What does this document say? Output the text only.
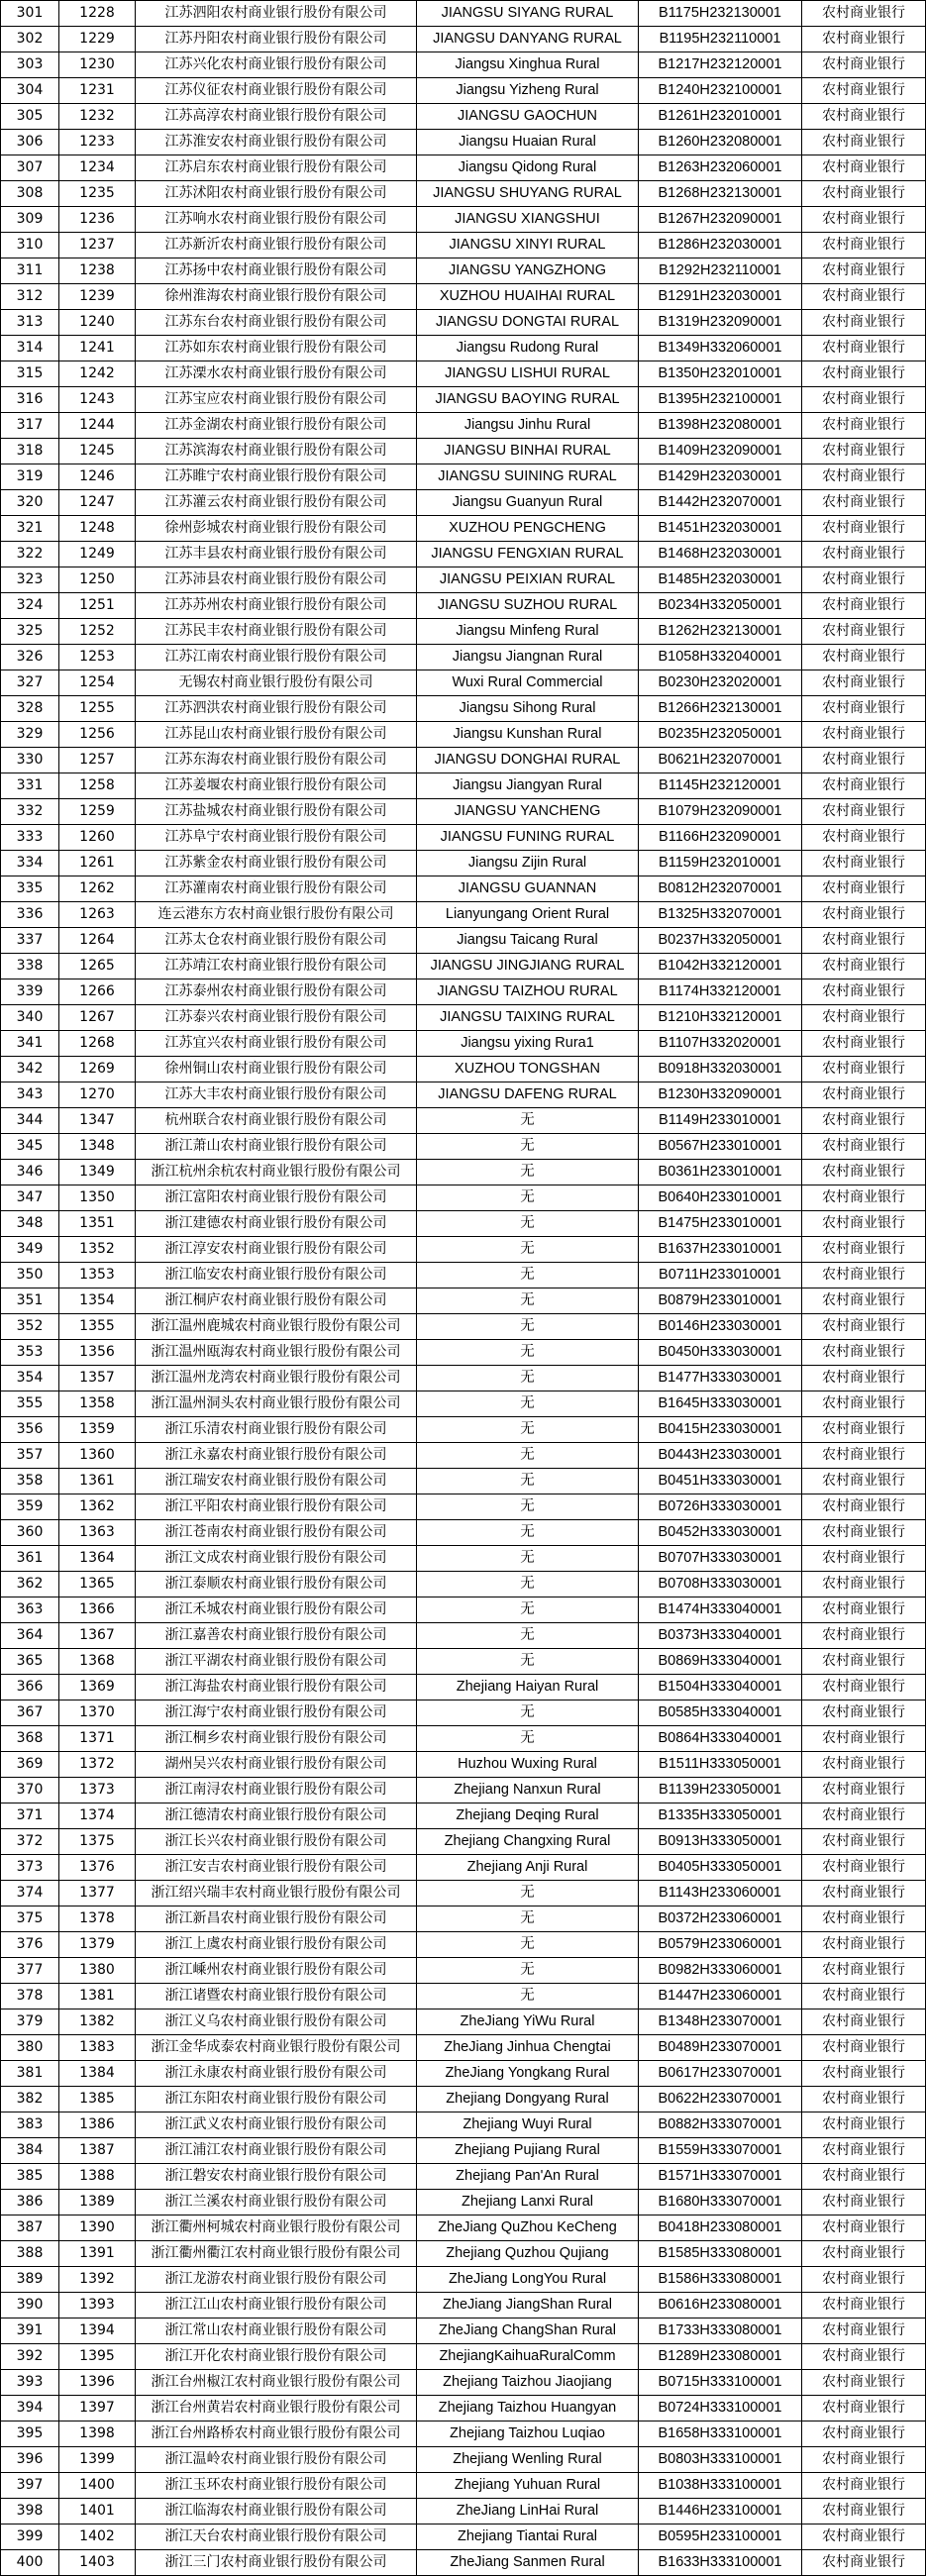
301	1228	江苏泗阳农村商业银行股份有限公司	JIANGSU SIYANG RURAL	B1175H232130001	农村商业银行
302	1229	江苏丹阳农村商业银行股份有限公司	JIANGSU DANYANG RURAL	B1195H232110001	农村商业银行
303	1230	江苏兴化农村商业银行股份有限公司	Jiangsu Xinghua Rural	B1217H232120001	农村商业银行
304	1231	江苏仪征农村商业银行股份有限公司	Jiangsu Yizheng Rural	B1240H232100001	农村商业银行
305	1232	江苏高淳农村商业银行股份有限公司	JIANGSU GAOCHUN	B1261H232010001	农村商业银行
306	1233	江苏淮安农村商业银行股份有限公司	Jiangsu Huaian Rural	B1260H232080001	农村商业银行
307	1234	江苏启东农村商业银行股份有限公司	Jiangsu Qidong Rural	B1263H232060001	农村商业银行
308	1235	江苏沭阳农村商业银行股份有限公司	JIANGSU SHUYANG RURAL	B1268H232130001	农村商业银行
309	1236	江苏响水农村商业银行股份有限公司	JIANGSU XIANGSHUI	B1267H232090001	农村商业银行
310	1237	江苏新沂农村商业银行股份有限公司	JIANGSU XINYI RURAL	B1286H232030001	农村商业银行
311	1238	江苏扬中农村商业银行股份有限公司	JIANGSU YANGZHONG	B1292H232110001	农村商业银行
312	1239	徐州淮海农村商业银行股份有限公司	XUZHOU HUAIHAI RURAL	B1291H232030001	农村商业银行
313	1240	江苏东台农村商业银行股份有限公司	JIANGSU DONGTAI RURAL	B1319H232090001	农村商业银行
314	1241	江苏如东农村商业银行股份有限公司	Jiangsu Rudong Rural	B1349H332060001	农村商业银行
315	1242	江苏溧水农村商业银行股份有限公司	JIANGSU LISHUI RURAL	B1350H232010001	农村商业银行
316	1243	江苏宝应农村商业银行股份有限公司	JIANGSU BAOYING RURAL	B1395H232100001	农村商业银行
317	1244	江苏金湖农村商业银行股份有限公司	Jiangsu Jinhu Rural	B1398H232080001	农村商业银行
318	1245	江苏滨海农村商业银行股份有限公司	JIANGSU BINHAI RURAL	B1409H232090001	农村商业银行
319	1246	江苏睢宁农村商业银行股份有限公司	JIANGSU SUINING RURAL	B1429H232030001	农村商业银行
320	1247	江苏灌云农村商业银行股份有限公司	Jiangsu Guanyun Rural	B1442H232070001	农村商业银行
321	1248	徐州彭城农村商业银行股份有限公司	XUZHOU PENGCHENG	B1451H232030001	农村商业银行
322	1249	江苏丰县农村商业银行股份有限公司	JIANGSU FENGXIAN RURAL	B1468H232030001	农村商业银行
323	1250	江苏沛县农村商业银行股份有限公司	JIANGSU PEIXIAN RURAL	B1485H232030001	农村商业银行
324	1251	江苏苏州农村商业银行股份有限公司	JIANGSU SUZHOU RURAL	B0234H332050001	农村商业银行
325	1252	江苏民丰农村商业银行股份有限公司	Jiangsu Minfeng Rural	B1262H232130001	农村商业银行
326	1253	江苏江南农村商业银行股份有限公司	Jiangsu Jiangnan Rural	B1058H332040001	农村商业银行
327	1254	无锡农村商业银行股份有限公司	Wuxi Rural Commercial	B0230H232020001	农村商业银行
328	1255	江苏泗洪农村商业银行股份有限公司	Jiangsu Sihong Rural	B1266H232130001	农村商业银行
329	1256	江苏昆山农村商业银行股份有限公司	Jiangsu Kunshan Rural	B0235H232050001	农村商业银行
330	1257	江苏东海农村商业银行股份有限公司	JIANGSU DONGHAI RURAL	B0621H232070001	农村商业银行
331	1258	江苏姜堰农村商业银行股份有限公司	Jiangsu Jiangyan Rural	B1145H232120001	农村商业银行
332	1259	江苏盐城农村商业银行股份有限公司	JIANGSU YANCHENG	B1079H232090001	农村商业银行
333	1260	江苏阜宁农村商业银行股份有限公司	JIANGSU FUNING RURAL	B1166H232090001	农村商业银行
334	1261	江苏紫金农村商业银行股份有限公司	Jiangsu Zijin Rural	B1159H232010001	农村商业银行
335	1262	江苏灌南农村商业银行股份有限公司	JIANGSU GUANNAN	B0812H232070001	农村商业银行
336	1263	连云港东方农村商业银行股份有限公司	Lianyungang Orient Rural	B1325H332070001	农村商业银行
337	1264	江苏太仓农村商业银行股份有限公司	Jiangsu Taicang Rural	B0237H332050001	农村商业银行
338	1265	江苏靖江农村商业银行股份有限公司	JIANGSU JINGJIANG RURAL	B1042H332120001	农村商业银行
339	1266	江苏泰州农村商业银行股份有限公司	JIANGSU TAIZHOU RURAL	B1174H332120001	农村商业银行
340	1267	江苏泰兴农村商业银行股份有限公司	JIANGSU TAIXING RURAL	B1210H332120001	农村商业银行
341	1268	江苏宜兴农村商业银行股份有限公司	Jiangsu yixing Rura1	B1107H332020001	农村商业银行
342	1269	徐州铜山农村商业银行股份有限公司	XUZHOU TONGSHAN	B0918H332030001	农村商业银行
343	1270	江苏大丰农村商业银行股份有限公司	JIANGSU DAFENG RURAL	B1230H332090001	农村商业银行
344	1347	杭州联合农村商业银行股份有限公司	无	B1149H233010001	农村商业银行
345	1348	浙江萧山农村商业银行股份有限公司	无	B0567H233010001	农村商业银行
346	1349	浙江杭州余杭农村商业银行股份有限公司	无	B0361H233010001	农村商业银行
347	1350	浙江富阳农村商业银行股份有限公司	无	B0640H233010001	农村商业银行
348	1351	浙江建德农村商业银行股份有限公司	无	B1475H233010001	农村商业银行
349	1352	浙江淳安农村商业银行股份有限公司	无	B1637H233010001	农村商业银行
350	1353	浙江临安农村商业银行股份有限公司	无	B0711H233010001	农村商业银行
351	1354	浙江桐庐农村商业银行股份有限公司	无	B0879H233010001	农村商业银行
352	1355	浙江温州鹿城农村商业银行股份有限公司	无	B0146H233030001	农村商业银行
353	1356	浙江温州瓯海农村商业银行股份有限公司	无	B0450H333030001	农村商业银行
354	1357	浙江温州龙湾农村商业银行股份有限公司	无	B1477H333030001	农村商业银行
355	1358	浙江温州洞头农村商业银行股份有限公司	无	B1645H333030001	农村商业银行
356	1359	浙江乐清农村商业银行股份有限公司	无	B0415H233030001	农村商业银行
357	1360	浙江永嘉农村商业银行股份有限公司	无	B0443H233030001	农村商业银行
358	1361	浙江瑞安农村商业银行股份有限公司	无	B0451H333030001	农村商业银行
359	1362	浙江平阳农村商业银行股份有限公司	无	B0726H333030001	农村商业银行
360	1363	浙江苍南农村商业银行股份有限公司	无	B0452H333030001	农村商业银行
361	1364	浙江文成农村商业银行股份有限公司	无	B0707H333030001	农村商业银行
362	1365	浙江泰顺农村商业银行股份有限公司	无	B0708H333030001	农村商业银行
363	1366	浙江禾城农村商业银行股份有限公司	无	B1474H333040001	农村商业银行
364	1367	浙江嘉善农村商业银行股份有限公司	无	B0373H333040001	农村商业银行
365	1368	浙江平湖农村商业银行股份有限公司	无	B0869H333040001	农村商业银行
366	1369	浙江海盐农村商业银行股份有限公司	Zhejiang Haiyan Rural	B1504H333040001	农村商业银行
367	1370	浙江海宁农村商业银行股份有限公司	无	B0585H333040001	农村商业银行
368	1371	浙江桐乡农村商业银行股份有限公司	无	B0864H333040001	农村商业银行
369	1372	湖州吴兴农村商业银行股份有限公司	Huzhou Wuxing Rural	B1511H333050001	农村商业银行
370	1373	浙江南浔农村商业银行股份有限公司	Zhejiang Nanxun Rural	B1139H233050001	农村商业银行
371	1374	浙江德清农村商业银行股份有限公司	Zhejiang Deqing Rural	B1335H333050001	农村商业银行
372	1375	浙江长兴农村商业银行股份有限公司	Zhejiang Changxing Rural	B0913H333050001	农村商业银行
373	1376	浙江安吉农村商业银行股份有限公司	Zhejiang Anji Rural	B0405H333050001	农村商业银行
374	1377	浙江绍兴瑞丰农村商业银行股份有限公司	无	B1143H233060001	农村商业银行
375	1378	浙江新昌农村商业银行股份有限公司	无	B0372H233060001	农村商业银行
376	1379	浙江上虞农村商业银行股份有限公司	无	B0579H233060001	农村商业银行
377	1380	浙江嵊州农村商业银行股份有限公司	无	B0982H333060001	农村商业银行
378	1381	浙江诸暨农村商业银行股份有限公司	无	B1447H233060001	农村商业银行
379	1382	浙江义乌农村商业银行股份有限公司	ZheJiang YiWu Rural	B1348H233070001	农村商业银行
380	1383	浙江金华成泰农村商业银行股份有限公司	ZheJiang Jinhua Chengtai	B0489H233070001	农村商业银行
381	1384	浙江永康农村商业银行股份有限公司	ZheJiang Yongkang Rural	B0617H233070001	农村商业银行
382	1385	浙江东阳农村商业银行股份有限公司	Zhejiang Dongyang Rural	B0622H233070001	农村商业银行
383	1386	浙江武义农村商业银行股份有限公司	Zhejiang Wuyi Rural	B0882H333070001	农村商业银行
384	1387	浙江浦江农村商业银行股份有限公司	Zhejiang Pujiang Rural	B1559H333070001	农村商业银行
385	1388	浙江磐安农村商业银行股份有限公司	Zhejiang Pan'An Rural	B1571H333070001	农村商业银行
386	1389	浙江兰溪农村商业银行股份有限公司	Zhejiang Lanxi Rural	B1680H333070001	农村商业银行
387	1390	浙江衢州柯城农村商业银行股份有限公司	ZheJiang QuZhou KeCheng	B0418H233080001	农村商业银行
388	1391	浙江衢州衢江农村商业银行股份有限公司	Zhejiang Quzhou Qujiang	B1585H333080001	农村商业银行
389	1392	浙江龙游农村商业银行股份有限公司	ZheJiang LongYou Rural	B1586H333080001	农村商业银行
390	1393	浙江江山农村商业银行股份有限公司	ZheJiang JiangShan Rural	B0616H233080001	农村商业银行
391	1394	浙江常山农村商业银行股份有限公司	ZheJiang ChangShan Rural	B1733H333080001	农村商业银行
392	1395	浙江开化农村商业银行股份有限公司	ZhejiangKaihuaRuralComm	B1289H233080001	农村商业银行
393	1396	浙江台州椒江农村商业银行股份有限公司	Zhejiang Taizhou Jiaojiang	B0715H333100001	农村商业银行
394	1397	浙江台州黄岩农村商业银行股份有限公司	Zhejiang Taizhou Huangyan	B0724H333100001	农村商业银行
395	1398	浙江台州路桥农村商业银行股份有限公司	Zhejiang Taizhou Luqiao	B1658H333100001	农村商业银行
396	1399	浙江温岭农村商业银行股份有限公司	Zhejiang Wenling Rural	B0803H333100001	农村商业银行
397	1400	浙江玉环农村商业银行股份有限公司	Zhejiang Yuhuan Rural	B1038H333100001	农村商业银行
398	1401	浙江临海农村商业银行股份有限公司	ZheJiang LinHai Rural	B1446H233100001	农村商业银行
399	1402	浙江天台农村商业银行股份有限公司	Zhejiang Tiantai Rural	B0595H233100001	农村商业银行
400	1403	浙江三门农村商业银行股份有限公司	ZheJiang Sanmen Rural	B1633H333100001	农村商业银行
